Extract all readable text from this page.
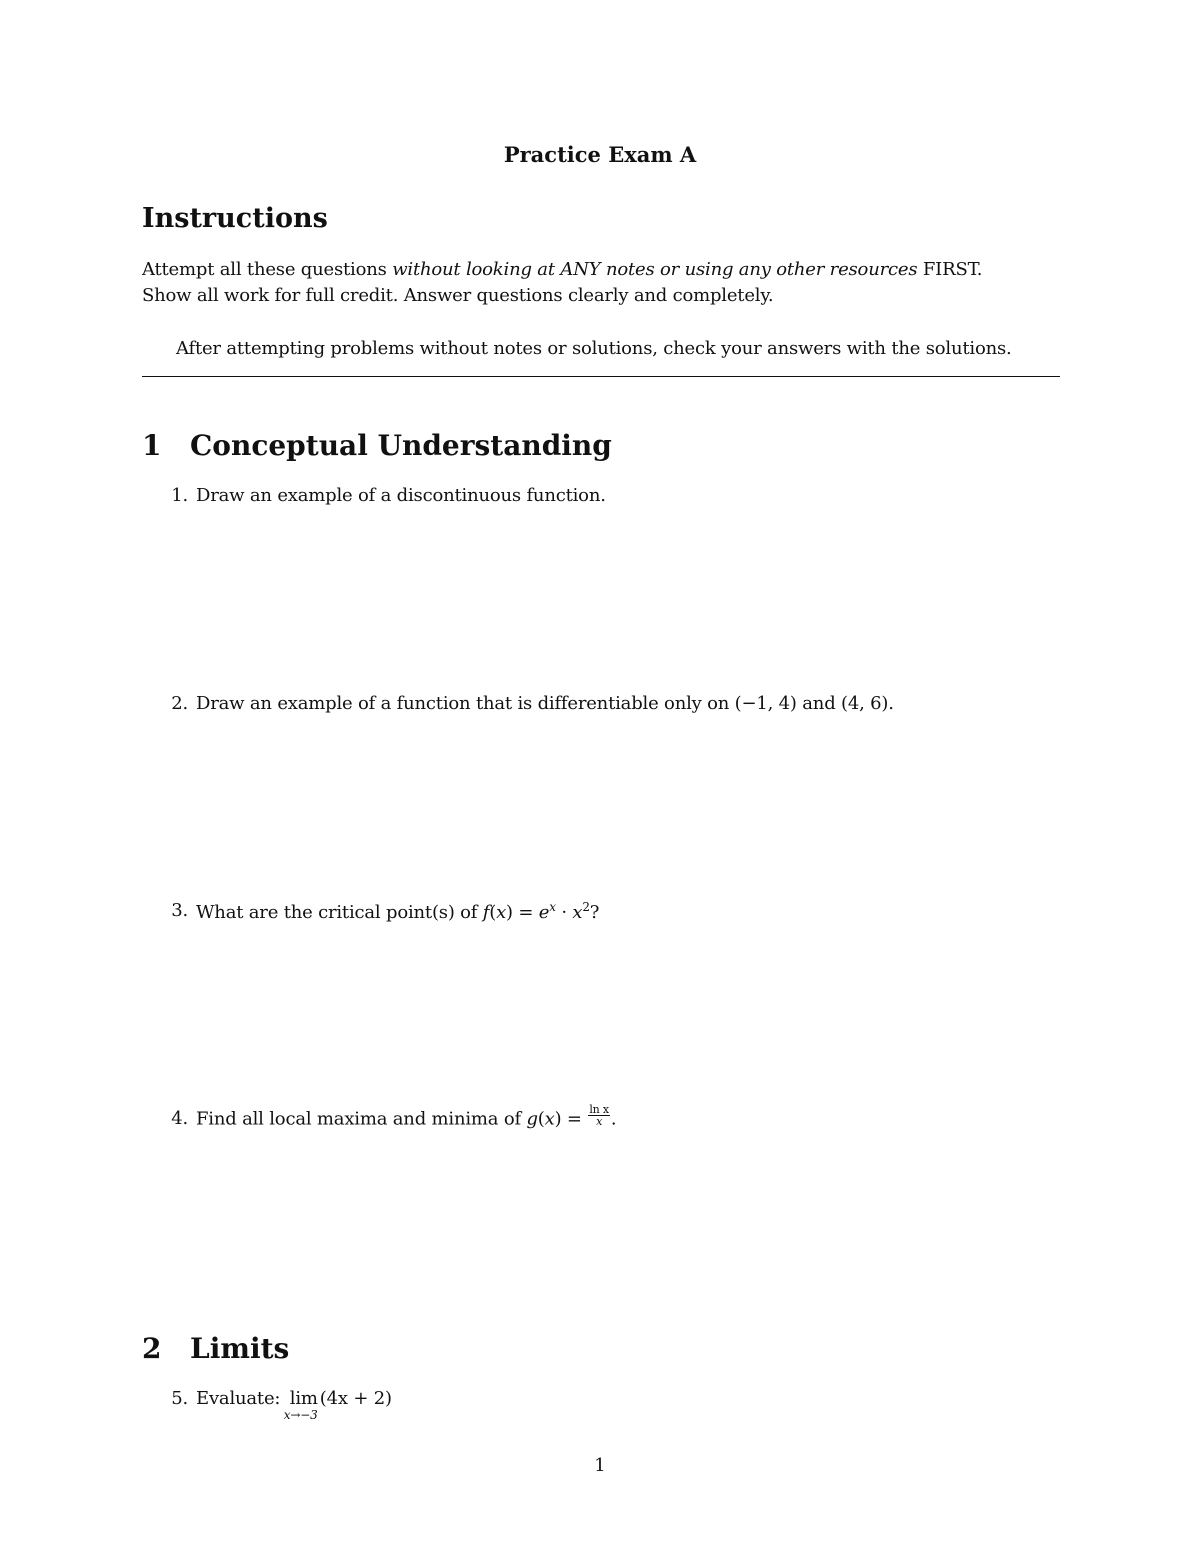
Practice Exam A
Instructions
Attempt all these questions without looking at ANY notes or using any other resources FIRST.
Show all work for full credit. Answer questions clearly and completely.
After attempting problems without notes or solutions, check your answers with the solutions.
1 Conceptual Understanding
1. Draw an example of a discontinuous function.
2. Draw an example of a function that is differentiable only on (−1, 4) and (4, 6).
3. What are the critical point(s) of $f(x) = e^x \cdot x^2$?
4. Find all local maxima and minima of $g(x) = \frac{\text{ln x}}{x}$ .
2 Limits
5. Evaluate: lim
x→−3
(4x + 2)
1
